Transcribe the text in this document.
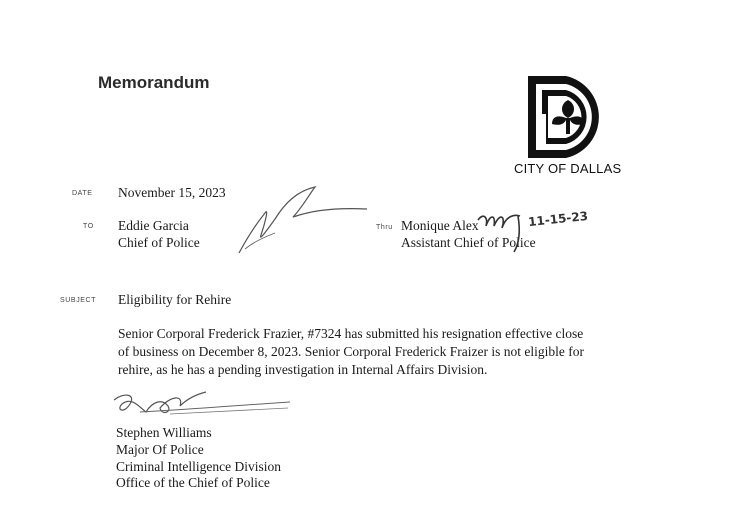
Memorandum
CITY OF DALLAS
DATE November 15, 2023
TO Eddie Garcia
Chief of Police
Thru Monique Alex
Assistant Chief of Police
11-15-23
SUBJECT Eligibility for Rehire
Senior Corporal Frederick Frazier, #7324 has submitted his resignation effective close
of business on December 8, 2023. Senior Corporal Frederick Fraizer is not eligible for
rehire, as he has a pending investigation in Internal Affairs Division.
Stephen Williams
Major Of Police
Criminal Intelligence Division
Office of the Chief of Police
